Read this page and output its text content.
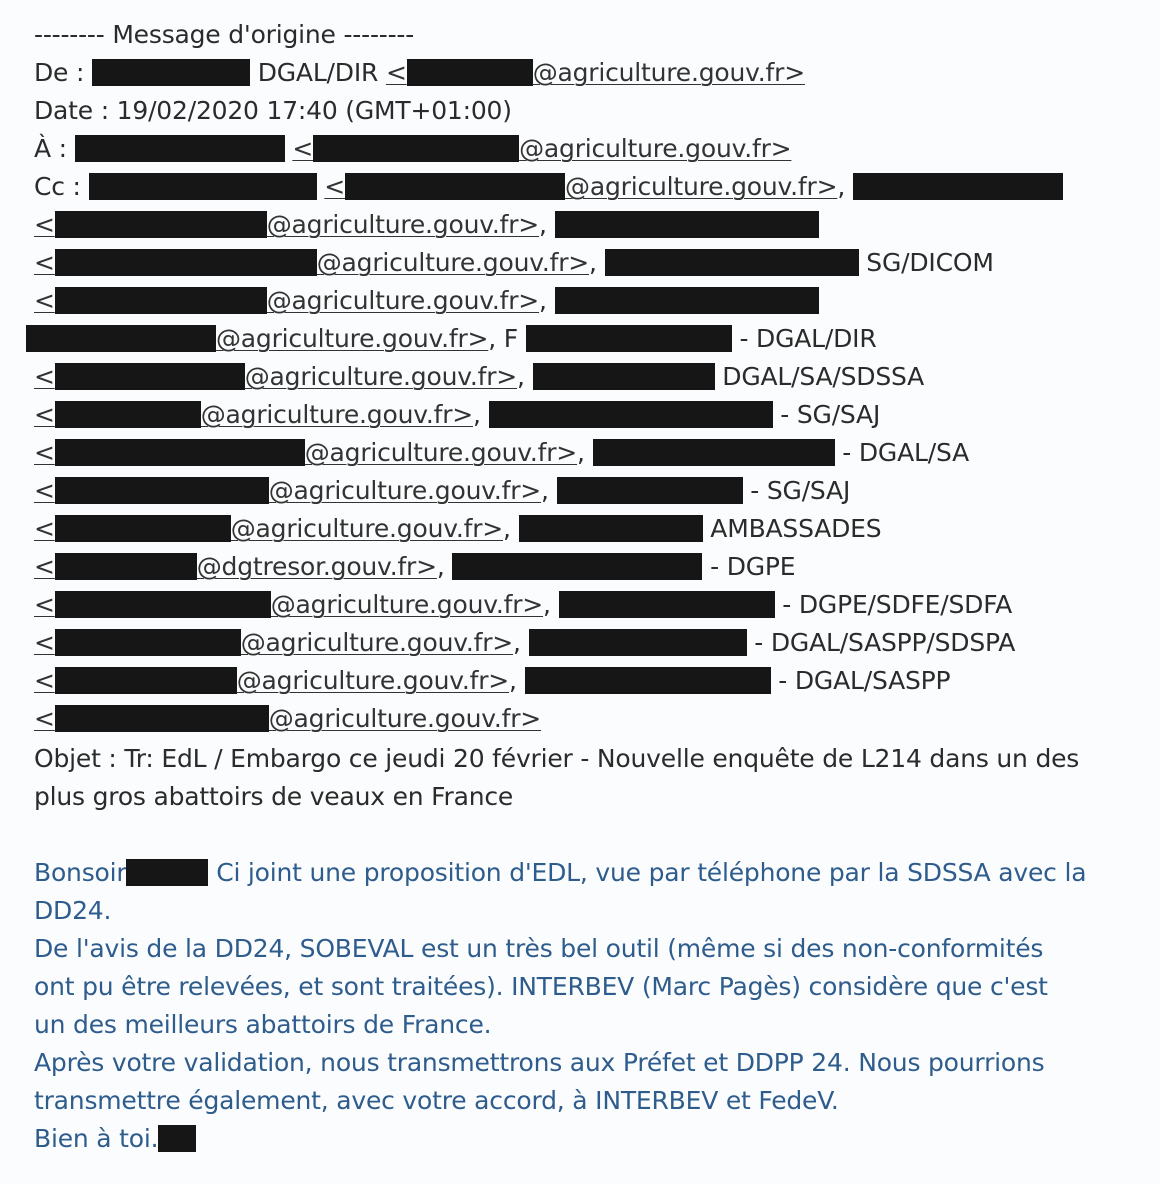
-------- Message d'origine --------
De :	DGAL/DIR <	@agriculture.gouv.fr>
Date : 19/02/2020 17:40 (GMT+01:00)
À :	<	@agriculture.gouv.fr>
Cc :	<	@agriculture.gouv.fr>,
<	@agriculture.gouv.fr>,
<	@agriculture.gouv.fr>,	SG/DICOM
<	@agriculture.gouv.fr>,
@agriculture.gouv.fr>, F	- DGAL/DIR
<	@agriculture.gouv.fr>,	DGAL/SA/SDSSA
<	@agriculture.gouv.fr>,	- SG/SAJ
<	@agriculture.gouv.fr>,	- DGAL/SA
<	@agriculture.gouv.fr>,	- SG/SAJ
<	@agriculture.gouv.fr>,	AMBASSADES
<	@dgtresor.gouv.fr>,	- DGPE
<	@agriculture.gouv.fr>,	- DGPE/SDFE/SDFA
<	@agriculture.gouv.fr>,	- DGAL/SASPP/SDSPA
<	@agriculture.gouv.fr>,	- DGAL/SASPP
<	@agriculture.gouv.fr>
Objet : Tr: EdL / Embargo ce jeudi 20 février - Nouvelle enquête de L214 dans un des
plus gros abattoirs de veaux en France
Bonsoir	Ci joint une proposition d'EDL, vue par téléphone par la SDSSA avec la
DD24.
De l'avis de la DD24, SOBEVAL est un très bel outil (même si des non-conformités
ont pu être relevées, et sont traitées). INTERBEV (Marc Pagès) considère que c'est
un des meilleurs abattoirs de France.
Après votre validation, nous transmettrons aux Préfet et DDPP 24. Nous pourrions
transmettre également, avec votre accord, à INTERBEV et FedeV.
Bien à toi.
